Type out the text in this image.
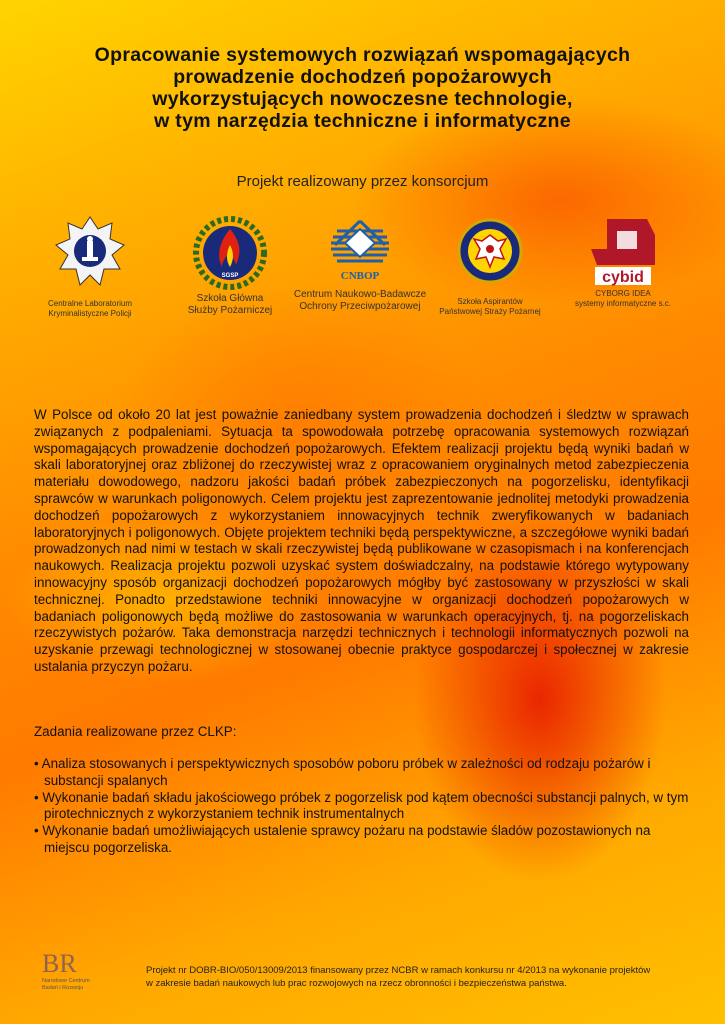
Opracowanie systemowych rozwiązań wspomagających
prowadzenie dochodzeń popożarowych
wykorzystujących nowoczesne technologie,
w tym narzędzia techniczne i informatyczne
Projekt realizowany przez konsorcjum
Centralne Laboratorium
Kryminalistyczne Policji
SGSP
Szkoła Główna
Służby Pożarniczej
CNBOP
Centrum Naukowo-Badawcze
Ochrony Przeciwpożarowej	Szkoła Aspirantów
Państwowej Straży Pożarnej
cybid
CYBORG IDEA
systemy informatyczne s.c.
W Polsce od około 20 lat jest poważnie zaniedbany system prowadzenia dochodzeń i śledztw w sprawach związanych z podpaleniami. Sytuacja ta spowodowała potrzebę opracowania systemowych rozwiązań wspomagających prowadzenie dochodzeń popożarowych. Efektem realizacji projektu będą wyniki badań w skali laboratoryjnej oraz zbliżonej do rzeczywistej wraz z opracowaniem oryginalnych metod zabezpieczenia materiału dowodowego, nadzoru jakości badań próbek zabezpieczonych na pogorzelisku, identyfikacji sprawców w warunkach poligonowych. Celem projektu jest zaprezentowanie jednolitej metodyki prowadzenia dochodzeń popożarowych z wykorzystaniem innowacyjnych technik zweryfikowanych w badaniach laboratoryjnych i poligonowych. Objęte projektem techniki będą perspektywiczne, a szczegółowe wyniki badań prowadzonych nad nimi w testach w skali rzeczywistej będą publikowane w czasopismach i na konferencjach naukowych. Realizacja projektu pozwoli uzyskać system doświadczalny, na podstawie którego wytypowany innowacyjny sposób organizacji dochodzeń popożarowych mógłby być zastosowany w przyszłości w skali technicznej. Ponadto przedstawione techniki innowacyjne w organizacji dochodzeń popożarowych w badaniach poligonowych będą możliwe do zastosowania w warunkach operacyjnych, tj. na pogorzeliskach rzeczywistych pożarów. Taka demonstracja narzędzi technicznych i technologii informatycznych pozwoli na uzyskanie przewagi technologicznej w stosowanej obecnie praktyce gospodarczej i społecznej w zakresie ustalania przyczyn pożaru.
Zadania realizowane przez CLKP:
• Analiza stosowanych i perspektywicznych sposobów poboru próbek w zależności od rodzaju pożarów i substancji spalanych
• Wykonanie badań składu jakościowego próbek z pogorzelisk pod kątem obecności substancji palnych, w tym pirotechnicznych z wykorzystaniem technik instrumentalnych
• Wykonanie badań umożliwiających ustalenie sprawcy pożaru na podstawie śladów pozostawionych na miejscu pogorzeliska.
BR
Narodowe Centrum
Badań i Rozwoju
Projekt nr DOBR-BIO/050/13009/2013 finansowany przez NCBR w ramach konkursu nr 4/2013 na wykonanie projektów
w zakresie badań naukowych lub prac rozwojowych na rzecz obronności i bezpieczeństwa państwa.
